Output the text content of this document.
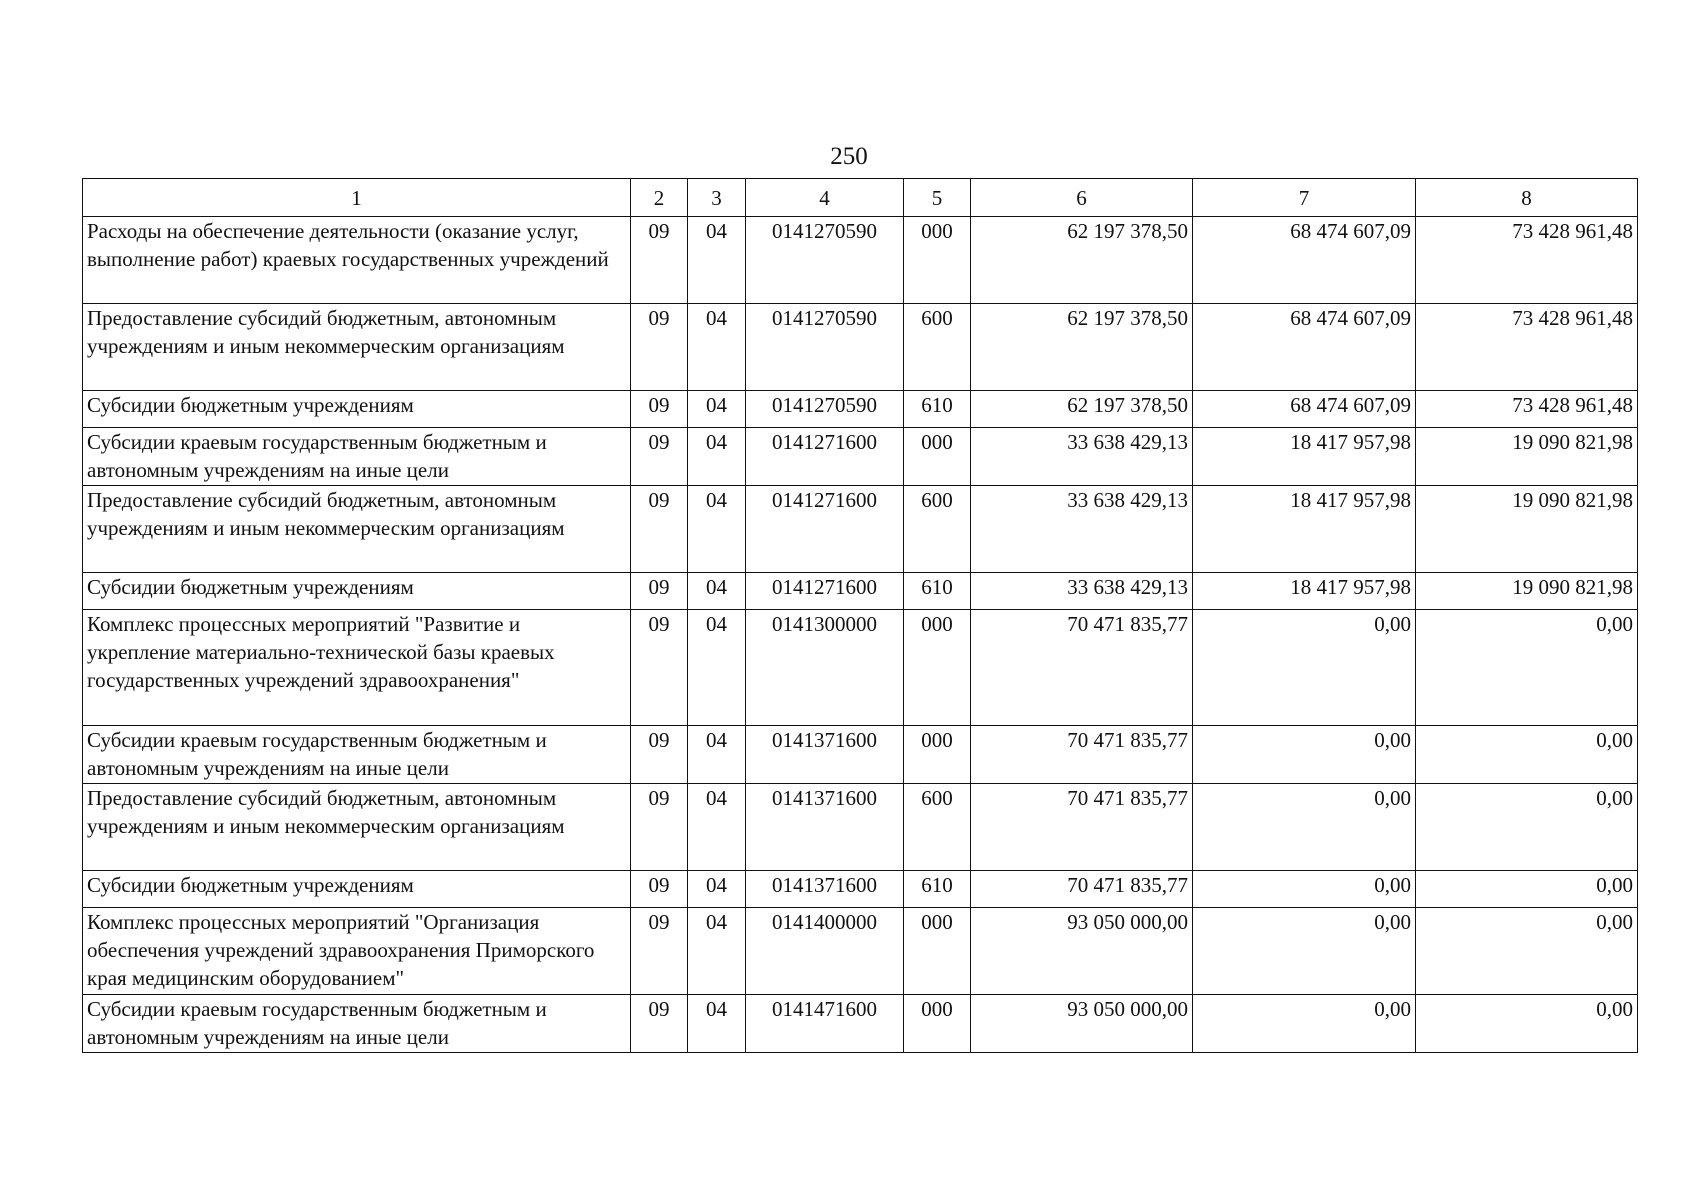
250
1	2	3	4	5	6	7	8
Расходы на обеспечение деятельности (оказание услуг, выполнение работ) краевых государственных учреждений	09	04	0141270590	000	62 197 378,50	68 474 607,09	73 428 961,48
Предоставление субсидий бюджетным, автономным учреждениям и иным некоммерческим организациям	09	04	0141270590	600	62 197 378,50	68 474 607,09	73 428 961,48
Субсидии бюджетным учреждениям	09	04	0141270590	610	62 197 378,50	68 474 607,09	73 428 961,48
Субсидии краевым государственным бюджетным и автономным учреждениям на иные цели	09	04	0141271600	000	33 638 429,13	18 417 957,98	19 090 821,98
Предоставление субсидий бюджетным, автономным учреждениям и иным некоммерческим организациям	09	04	0141271600	600	33 638 429,13	18 417 957,98	19 090 821,98
Субсидии бюджетным учреждениям	09	04	0141271600	610	33 638 429,13	18 417 957,98	19 090 821,98
Комплекс процессных мероприятий "Развитие и укрепление материально-технической базы краевых государственных учреждений здравоохранения"	09	04	0141300000	000	70 471 835,77	0,00	0,00
Субсидии краевым государственным бюджетным и автономным учреждениям на иные цели	09	04	0141371600	000	70 471 835,77	0,00	0,00
Предоставление субсидий бюджетным, автономным учреждениям и иным некоммерческим организациям	09	04	0141371600	600	70 471 835,77	0,00	0,00
Субсидии бюджетным учреждениям	09	04	0141371600	610	70 471 835,77	0,00	0,00
Комплекс процессных мероприятий "Организация обеспечения учреждений здравоохранения Приморского края медицинским оборудованием"	09	04	0141400000	000	93 050 000,00	0,00	0,00
Субсидии краевым государственным бюджетным и автономным учреждениям на иные цели	09	04	0141471600	000	93 050 000,00	0,00	0,00
